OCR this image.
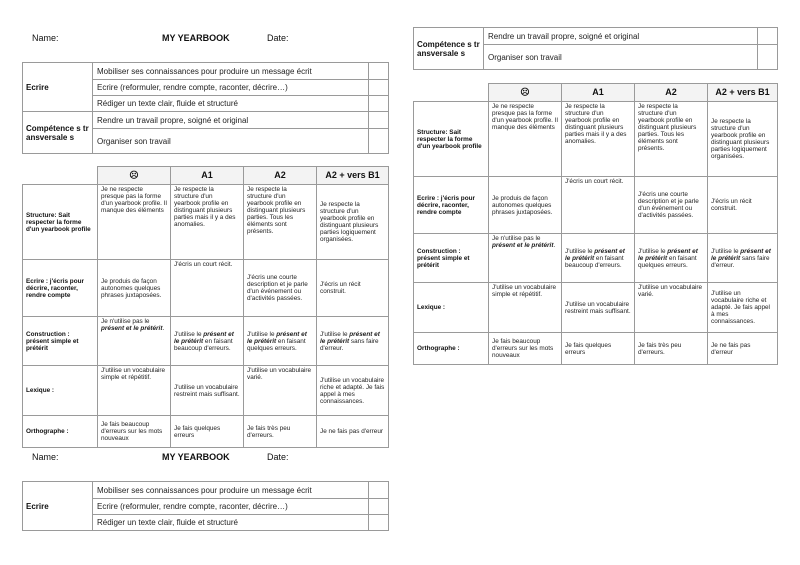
Name:	MY YEARBOOK	Date:
Ecrire	Mobiliser ses connaissances pour produire un message écrit	
	Ecrire (reformuler, rendre compte, raconter, décrire…)	
	Rédiger un texte clair, fluide et structuré	
Compétence s transversale s	Rendre un travail propre, soigné et original	
	Organiser son travail	
	☹	A1	A2	A2 + vers B1
Structure: Sait respecter la forme d'un yearbook profile	Je ne respecte presque pas la forme d'un yearbook profile. Il manque des éléments	Je respecte la structure d'un yearbook profile en distinguant plusieurs parties mais il y a des anomalies.	Je respecte la structure d'un yearbook profile en distinguant plusieurs parties. Tous les éléments sont présents.	Je respecte la structure d'un yearbook profile en distinguant plusieurs parties logiquement organisées.
Ecrire : j'écris pour décrire, raconter, rendre compte	Je produis de façon autonomes quelques phrases juxtaposées.	J'écris un court récit.	J'écris une courte description et je parle d'un événement ou d'activités passées.	J'écris un récit construit.
Construction : présent simple et prétérit	Je n'utilise pas le présent et le prétérit.	J'utilise le présent et le prétérit en faisant beaucoup d'erreurs.	J'utilise le présent et le prétérit en faisant quelques erreurs.	J'utilise le présent et le prétérit sans faire d'erreur.
Lexique :	J'utilise un vocabulaire simple et répétitif.	J'utilise un vocabulaire restreint mais suffisant.	J'utilise un vocabulaire varié.	J'utilise un vocabulaire riche et adapté. Je fais appel à mes connaissances.
Orthographe :	Je fais beaucoup d'erreurs sur les mots nouveaux	Je fais quelques erreurs	Je fais très peu d'erreurs.	Je ne fais pas d'erreur
Name:	MY YEARBOOK	Date:
Ecrire	Mobiliser ses connaissances pour produire un message écrit	
	Ecrire (reformuler, rendre compte, raconter, décrire…)	
	Rédiger un texte clair, fluide et structuré	
Compétence s transversale s	Rendre un travail propre, soigné et original	
	Organiser son travail	
	☹	A1	A2	A2 + vers B1
Structure: Sait respecter la forme d'un yearbook profile	Je ne respecte presque pas la forme d'un yearbook profile. Il manque des éléments	Je respecte la structure d'un yearbook profile en distinguant plusieurs parties mais il y a des anomalies.	Je respecte la structure d'un yearbook profile en distinguant plusieurs parties. Tous les éléments sont présents.	Je respecte la structure d'un yearbook profile en distinguant plusieurs parties logiquement organisées.
Ecrire : j'écris pour décrire, raconter, rendre compte	Je produis de façon autonomes quelques phrases juxtaposées.	J'écris un court récit.	J'écris une courte description et je parle d'un événement ou d'activités passées.	J'écris un récit construit.
Construction : présent simple et prétérit	Je n'utilise pas le présent et le prétérit.	J'utilise le présent et le prétérit en faisant beaucoup d'erreurs.	J'utilise le présent et le prétérit en faisant quelques erreurs.	J'utilise le présent et le prétérit sans faire d'erreur.
Lexique :	J'utilise un vocabulaire simple et répétitif.	J'utilise un vocabulaire restreint mais suffisant.	J'utilise un vocabulaire varié.	J'utilise un vocabulaire riche et adapté. Je fais appel à mes connaissances.
Orthographe :	Je fais beaucoup d'erreurs sur les mots nouveaux	Je fais quelques erreurs	Je fais très peu d'erreurs.	Je ne fais pas d'erreur
